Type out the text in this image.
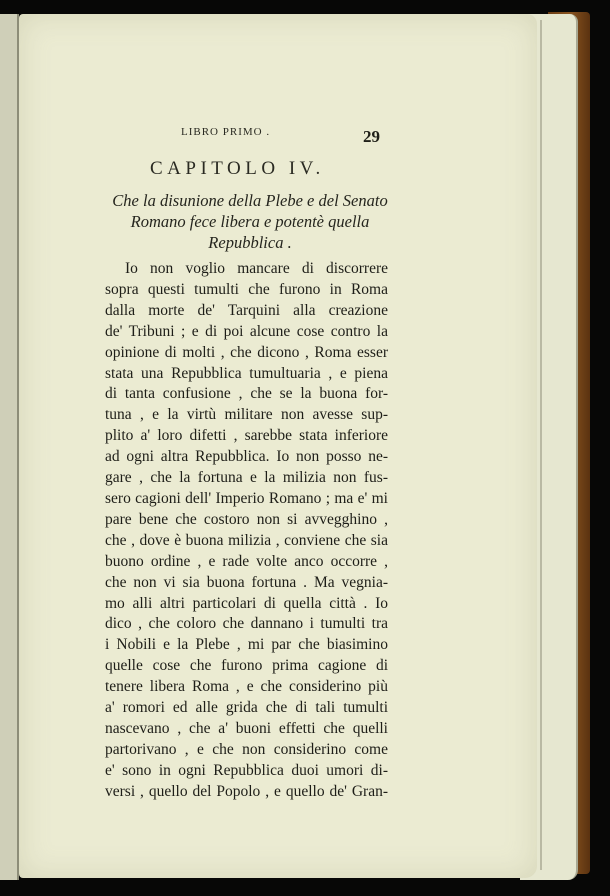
LIBRO PRIMO .	29
CAPITOLO IV.
Che la disunione della Plebe e del Senato
Romano fece libera e potentè quella
Repubblica .
Io non voglio mancare di discorrere
sopra questi tumulti che furono in Roma
dalla morte de' Tarquini alla creazione
de' Tribuni ; e di poi alcune cose contro la
opinione di molti , che dicono , Roma esser
stata una Repubblica tumultuaria , e piena
di tanta confusione , che se la buona for-
tuna , e la virtù militare non avesse sup-
plito a' loro difetti , sarebbe stata inferiore
ad ogni altra Repubblica. Io non posso ne-
gare , che la fortuna e la milizia non fus-
sero cagioni dell' Imperio Romano ; ma e' mi
pare bene che costoro non si avvegghino ,
che , dove è buona milizia , conviene che sia
buono ordine , e rade volte anco occorre ,
che non vi sia buona fortuna . Ma vegnia-
mo alli altri particolari di quella città . Io
dico , che coloro che dannano i tumulti tra
i Nobili e la Plebe , mi par che biasimino
quelle cose che furono prima cagione di
tenere libera Roma , e che considerino più
a' romori ed alle grida che di tali tumulti
nascevano , che a' buoni effetti che quelli
partorivano , e che non considerino come
e' sono in ogni Repubblica duoi umori di-
versi , quello del Popolo , e quello de' Gran-
